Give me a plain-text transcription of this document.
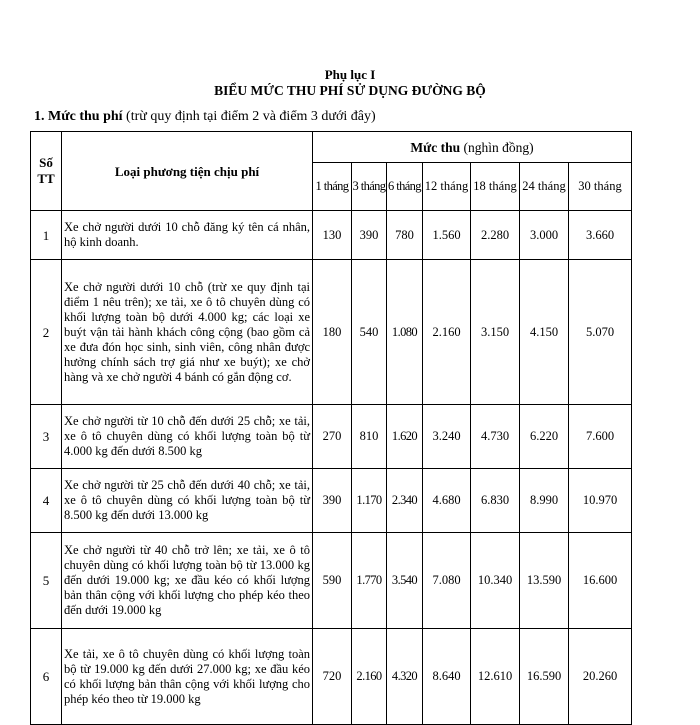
Phụ lục I
BIỂU MỨC THU PHÍ SỬ DỤNG ĐƯỜNG BỘ
1. Mức thu phí (trừ quy định tại điểm 2 và điểm 3 dưới đây)
Số TT	Loại phương tiện chịu phí	Mức thu (nghìn đồng)						
		1 tháng	3 tháng	6 tháng	12 tháng	18 tháng	24 tháng	30 tháng
1	Xe chở người dưới 10 chỗ đăng ký tên cá nhân, hộ kinh doanh.	130	390	780	1.560	2.280	3.000	3.660
2	Xe chở người dưới 10 chỗ (trừ xe quy định tại điểm 1 nêu trên); xe tải, xe ô tô chuyên dùng có khối lượng toàn bộ dưới 4.000 kg; các loại xe buýt vận tải hành khách công cộng (bao gồm cả xe đưa đón học sinh, sinh viên, công nhân được hưởng chính sách trợ giá như xe buýt); xe chở hàng và xe chở người 4 bánh có gắn động cơ.	180	540	1.080	2.160	3.150	4.150	5.070
3	Xe chở người từ 10 chỗ đến dưới 25 chỗ; xe tải, xe ô tô chuyên dùng có khối lượng toàn bộ từ 4.000 kg đến dưới 8.500 kg	270	810	1.620	3.240	4.730	6.220	7.600
4	Xe chở người từ 25 chỗ đến dưới 40 chỗ; xe tải, xe ô tô chuyên dùng có khối lượng toàn bộ từ 8.500 kg đến dưới 13.000 kg	390	1.170	2.340	4.680	6.830	8.990	10.970
5	Xe chở người từ 40 chỗ trở lên; xe tải, xe ô tô chuyên dùng có khối lượng toàn bộ từ 13.000 kg đến dưới 19.000 kg; xe đầu kéo có khối lượng bản thân cộng với khối lượng cho phép kéo theo đến dưới 19.000 kg	590	1.770	3.540	7.080	10.340	13.590	16.600
6	Xe tải, xe ô tô chuyên dùng có khối lượng toàn bộ từ 19.000 kg đến dưới 27.000 kg; xe đầu kéo có khối lượng bản thân cộng với khối lượng cho phép kéo theo từ 19.000 kg	720	2.160	4.320	8.640	12.610	16.590	20.260
